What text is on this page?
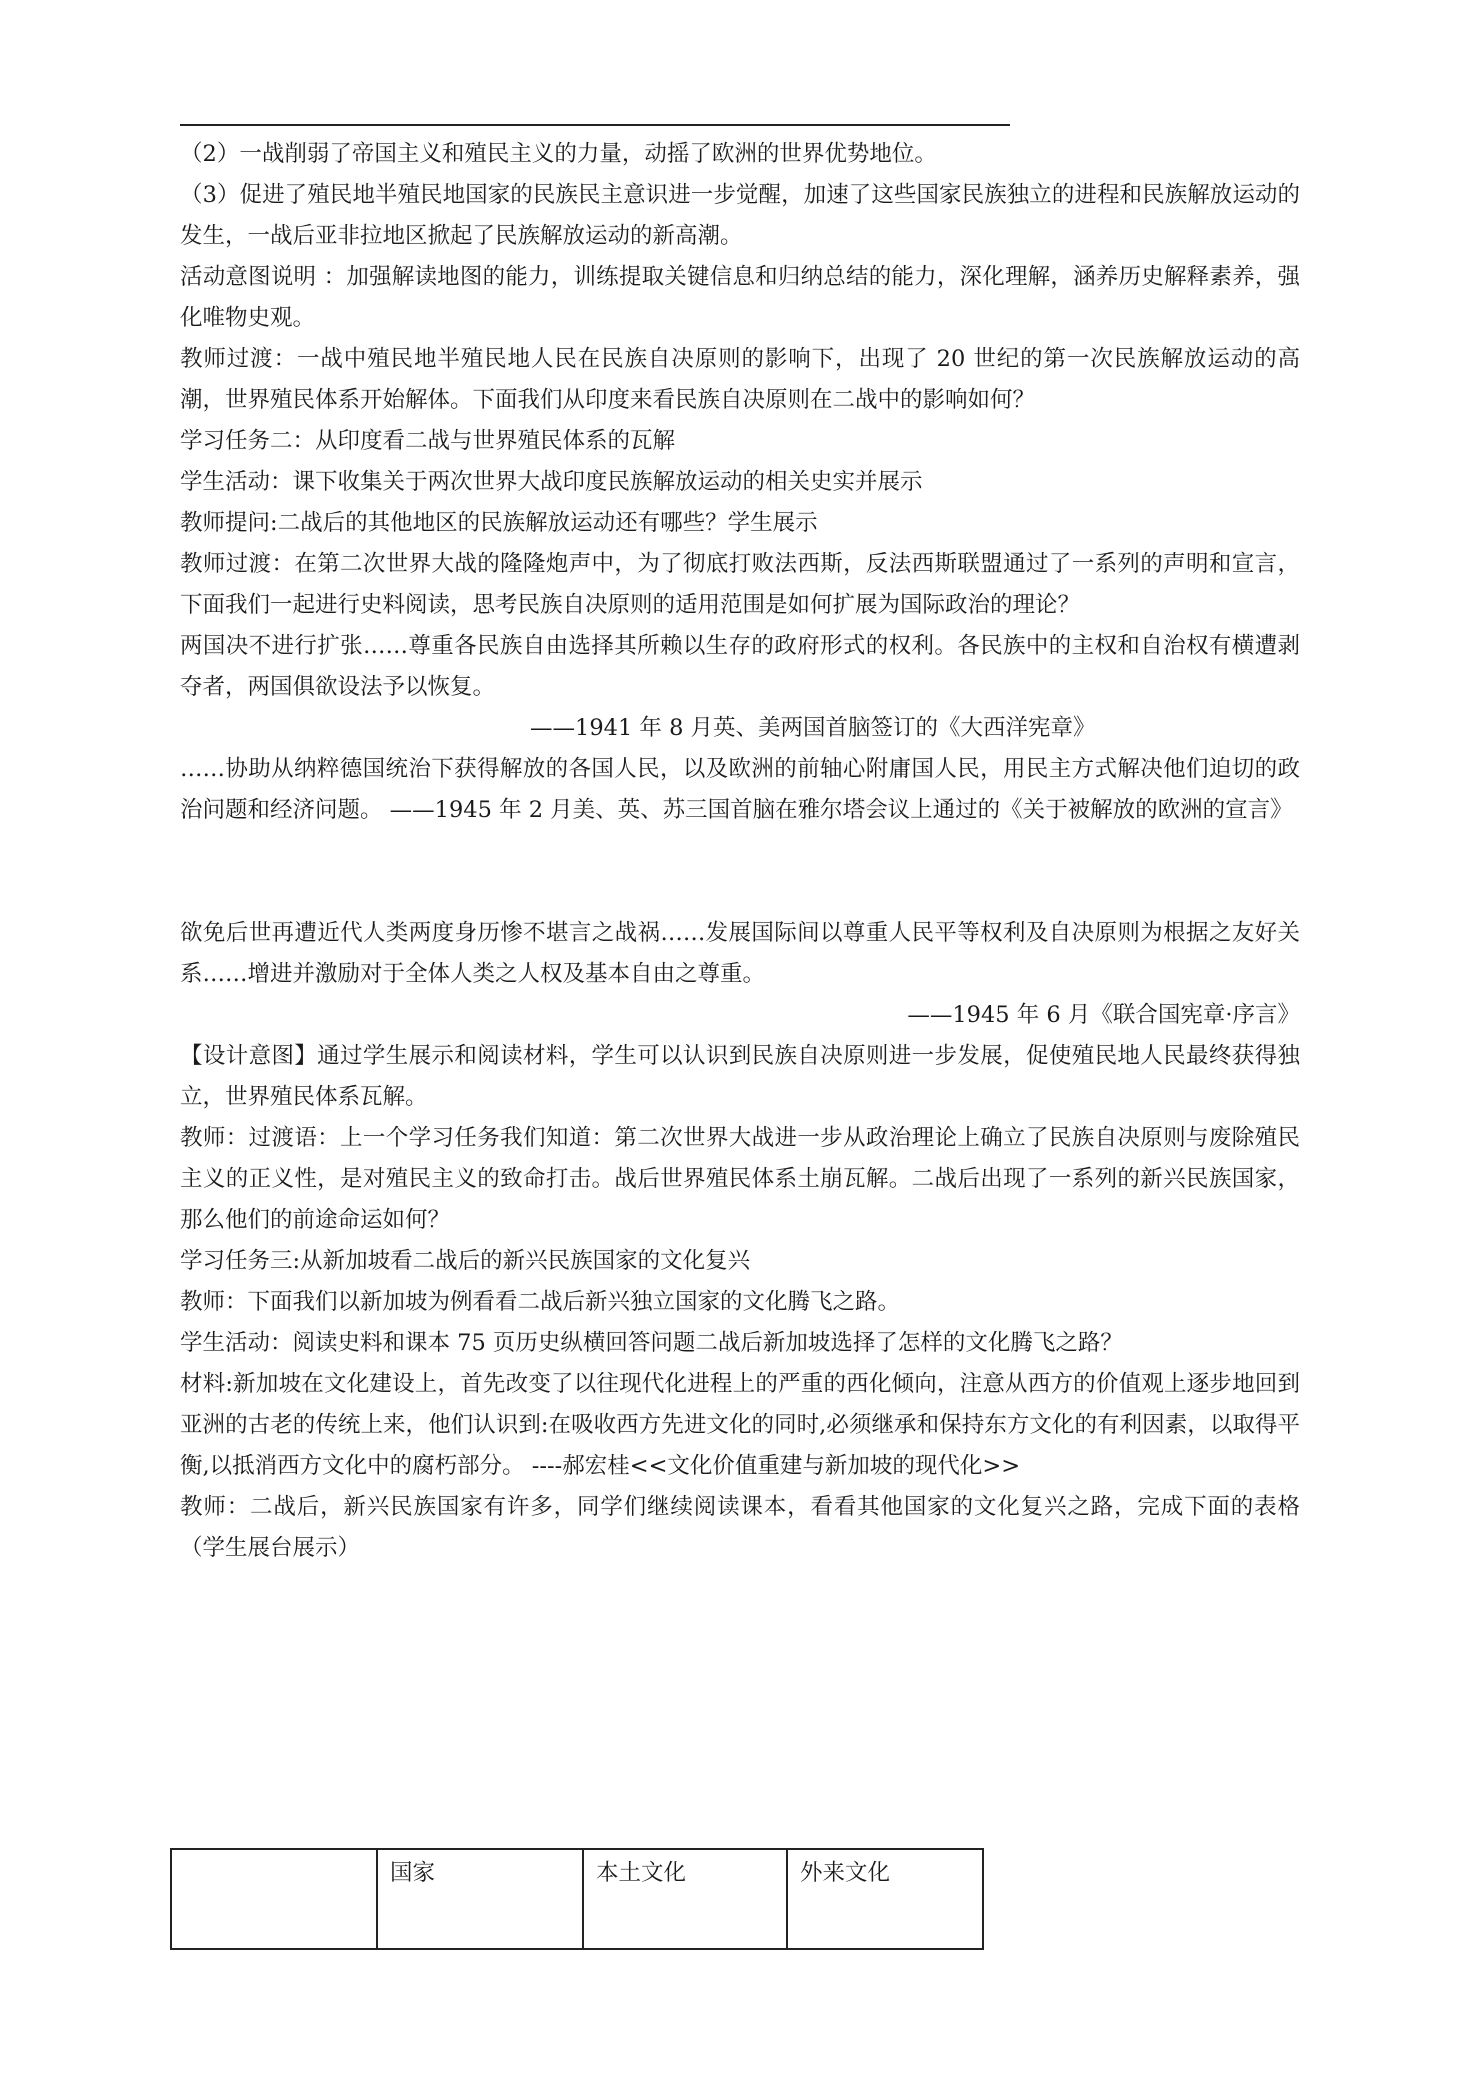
（2）一战削弱了帝国主义和殖民主义的力量，动摇了欧洲的世界优势地位。

（3）促进了殖民地半殖民地国家的民族民主意识进一步觉醒，加速了这些国家民族独立的进程和民族解放运动的发生，一战后亚非拉地区掀起了民族解放运动的新高潮。

活动意图说明 ：加强解读地图的能力，训练提取关键信息和归纳总结的能力，深化理解，涵养历史解释素养，强化唯物史观。

教师过渡：一战中殖民地半殖民地人民在民族自决原则的影响下，出现了 20 世纪的第一次民族解放运动的高潮，世界殖民体系开始解体。下面我们从印度来看民族自决原则在二战中的影响如何？

学习任务二：从印度看二战与世界殖民体系的瓦解

学生活动：课下收集关于两次世界大战印度民族解放运动的相关史实并展示

教师提问:二战后的其他地区的民族解放运动还有哪些？学生展示

教师过渡：在第二次世界大战的隆隆炮声中，为了彻底打败法西斯，反法西斯联盟通过了一系列的声明和宣言，下面我们一起进行史料阅读，思考民族自决原则的适用范围是如何扩展为国际政治的理论？

两国决不进行扩张……尊重各民族自由选择其所赖以生存的政府形式的权利。各民族中的主权和自治权有横遭剥夺者，两国俱欲设法予以恢复。

——1941 年 8 月英、美两国首脑签订的《大西洋宪章》

……协助从纳粹德国统治下获得解放的各国人民，以及欧洲的前轴心附庸国人民，用民主方式解决他们迫切的政治问题和经济问题。 ——1945 年 2 月美、英、苏三国首脑在雅尔塔会议上通过的《关于被解放的欧洲的宣言》

欲免后世再遭近代人类两度身历惨不堪言之战祸……发展国际间以尊重人民平等权利及自决原则为根据之友好关系……增进并激励对于全体人类之人权及基本自由之尊重。

——1945 年 6 月《联合国宪章·序言》

【设计意图】通过学生展示和阅读材料，学生可以认识到民族自决原则进一步发展，促使殖民地人民最终获得独立，世界殖民体系瓦解。

教师：过渡语：上一个学习任务我们知道：第二次世界大战进一步从政治理论上确立了民族自决原则与废除殖民主义的正义性，是对殖民主义的致命打击。战后世界殖民体系土崩瓦解。二战后出现了一系列的新兴民族国家，那么他们的前途命运如何？

学习任务三:从新加坡看二战后的新兴民族国家的文化复兴

教师：下面我们以新加坡为例看看二战后新兴独立国家的文化腾飞之路。

学生活动：阅读史料和课本 75 页历史纵横回答问题二战后新加坡选择了怎样的文化腾飞之路？

材料:新加坡在文化建设上，首先改变了以往现代化进程上的严重的西化倾向，注意从西方的价值观上逐步地回到亚洲的古老的传统上来，他们认识到:在吸收西方先进文化的同时,必须继承和保持东方文化的有利因素，以取得平衡,以抵消西方文化中的腐朽部分。 ----郝宏桂<<文化价值重建与新加坡的现代化>>

教师：二战后，新兴民族国家有许多，同学们继续阅读课本，看看其他国家的文化复兴之路，完成下面的表格（学生展台展示）

	国家	本土文化	外来文化
